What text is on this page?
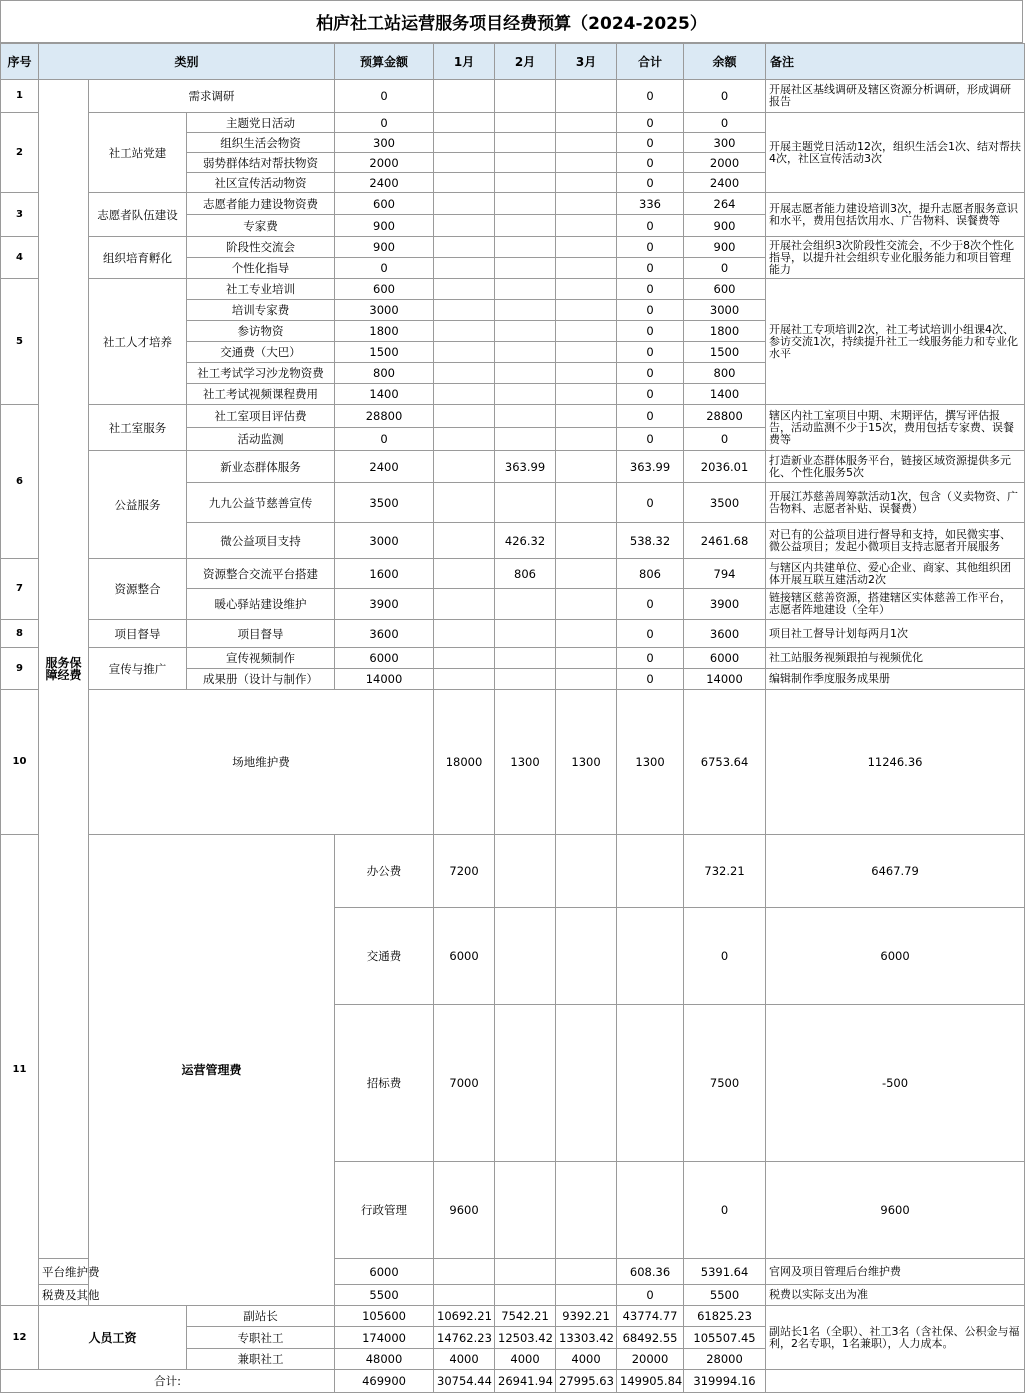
柏庐社工站运营服务项目经费预算（2024-2025）
序号	类别			预算金额	1月	2月	3月	合计	余额	备注	
1	服务保障经费	需求调研		0				0	0	开展社区基线调研及辖区资源分析调研，形成调研报告	
2		社工站党建	主题党日活动	0				0	0	开展主题党日活动12次，组织生活会1次、结对帮扶4次，社区宣传活动3次	
			组织生活会物资	300				0	300		
			弱势群体结对帮扶物资	2000				0	2000		
			社区宣传活动物资	2400				0	2400		
3		志愿者队伍建设	志愿者能力建设物资费	600				336	264	开展志愿者能力建设培训3次，提升志愿者服务意识和水平，费用包括饮用水、广告物料、误餐费等	
			专家费	900				0	900		
4		组织培育孵化	阶段性交流会	900				0	900	开展社会组织3次阶段性交流会，不少于8次个性化指导，以提升社会组织专业化服务能力和项目管理能力	
			个性化指导	0				0	0		
5		社工人才培养	社工专业培训	600				0	600	开展社工专项培训2次，社工考试培训小组课4次、参访交流1次，持续提升社工一线服务能力和专业化水平	
			培训专家费	3000				0	3000		
			参访物资	1800				0	1800		
			交通费（大巴）	1500				0	1500		
			社工考试学习沙龙物资费	800				0	800		
			社工考试视频课程费用	1400				0	1400		
6		社工室服务	社工室项目评估费	28800				0	28800	辖区内社工室项目中期、末期评估，撰写评估报告，活动监测不少于15次，费用包括专家费、误餐费等	
			活动监测	0				0	0		
		公益服务	新业态群体服务	2400		363.99		363.99	2036.01	打造新业态群体服务平台，链接区域资源提供多元化、个性化服务5次	
			九九公益节慈善宣传	3500				0	3500	开展江苏慈善周筹款活动1次，包含（义卖物资、广告物料、志愿者补贴、误餐费）	
			微公益项目支持	3000		426.32		538.32	2461.68	对已有的公益项目进行督导和支持，如民微实事、微公益项目；发起小微项目支持志愿者开展服务	
7		资源整合	资源整合交流平台搭建	1600		806		806	794	与辖区内共建单位、爱心企业、商家、其他组织团体开展互联互建活动2次	
			暖心驿站建设维护	3900				0	3900	链接辖区慈善资源，搭建辖区实体慈善工作平台，志愿者阵地建设（全年）	
8		项目督导	项目督导	3600				0	3600	项目社工督导计划每两月1次	
9		宣传与推广	宣传视频制作	6000				0	6000	社工站服务视频跟拍与视频优化	
			成果册（设计与制作）	14000				0	14000	编辑制作季度服务成果册	
10		场地维护费			18000	1300	1300	1300	6753.64	11246.36	
11		运营管理费		办公费	7200				732.21	6467.79	
				交通费	6000				0	6000	
				招标费	7000				7500	-500	
				行政管理	9600				0	9600	
	平台维护费			6000				608.36	5391.64	官网及项目管理后台维护费	
	税费及其他			5500				0	5500	税费以实际支出为准	
12	人员工资		副站长	105600	10692.21	7542.21	9392.21	43774.77	61825.23	副站长1名（全职）、社工3名（含社保、公积金与福利，2名专职，1名兼职），人力成本。	
			专职社工	174000	14762.23	12503.42	13303.42	68492.55	105507.45		
			兼职社工	48000	4000	4000	4000	20000	28000		
合计:				469900	30754.44	26941.94	27995.63	149905.84	319994.16		
